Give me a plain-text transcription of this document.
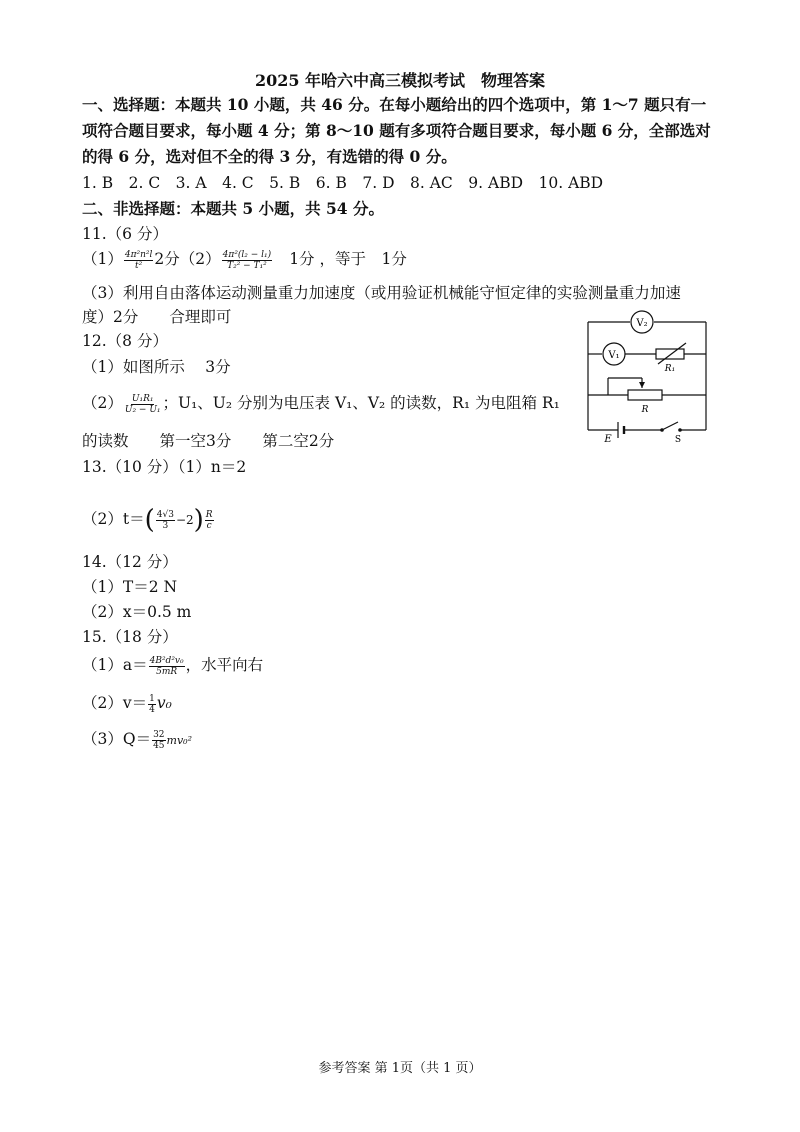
2025 年哈六中高三模拟考试　物理答案
一、选择题：本题共 10 小题，共 46 分。在每小题给出的四个选项中，第 1～7 题只有一
项符合题目要求，每小题 4 分；第 8～10 题有多项符合题目要求，每小题 6 分，全部选对
的得 6 分，选对但不全的得 3 分，有选错的得 0 分。
1. B　2. C　3. A　4. C　5. B　6. B　7. D　8. AC　9. ABD　10. ABD
二、非选择题：本题共 5 小题，共 54 分。
11.（6 分）
$(1) \frac{\text{4π²n²l}}{\text{t²}} 2$分$(2) \frac{\text{4π²(l₂ − l₁)}}{\text{T₂² − T₁²}} 1$分 ，等于　1分
（3）利用自由落体运动测量重力加速度（或用验证机械能守恒定律的实验测量重力加速
度）2分　　合理即可
12.（8 分）
（1）如图所示　 3分
$(2) \frac{\text{U₁R₁}}{\text{U₂ − U₁}}$ ；U₁、U₂ 分别为电压表 V₁、V₂ 的读数，R₁ 为电阻箱 R₁
的读数　　第一空3分　　第二空2分
V₂
V₁
R₁
R
E	S
13.（10 分）（1）n＝2
$(2)t=( \frac{4√3}{3} -2) \frac{R}{c}$
14.（12 分）
（1）T＝2 N
（2）x＝0.5 m
15.（18 分）
$(1)a= \frac{\text{4B²d²v₀}}{5mR}$ ，水平向右
$(2)v= \frac{1}{4} v_0$
$(3)Q= \frac{32}{45} mv_0^2$
参考答案 第 1页（共 1 页）
